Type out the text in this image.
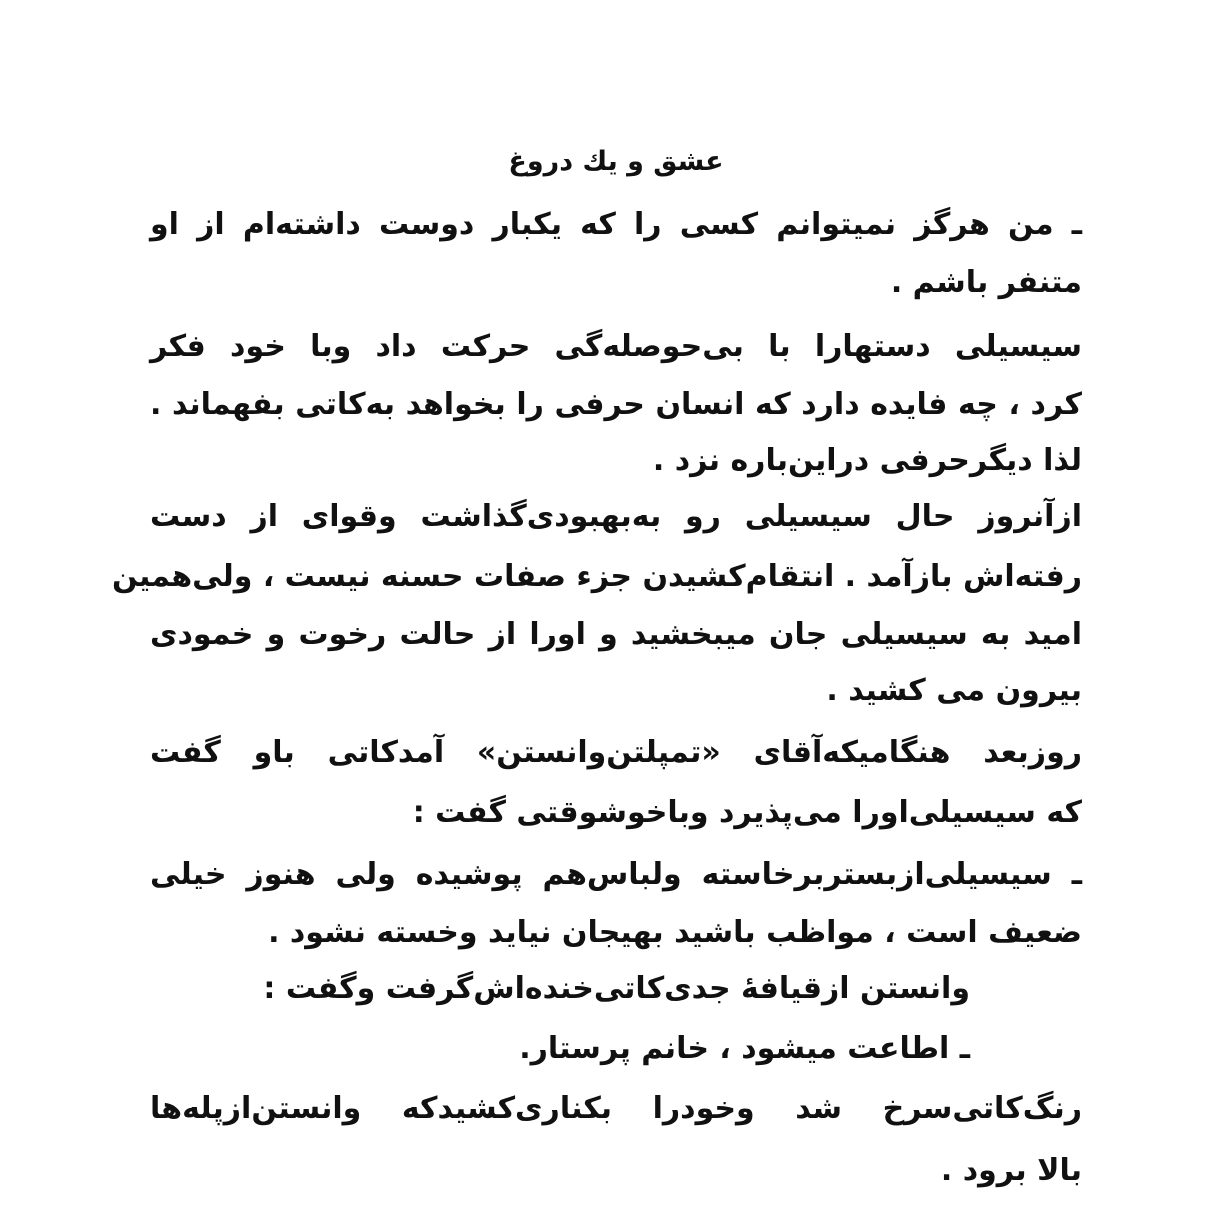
عشق و یك دروغ
ـ من هرگز نمیتوانم کسی را که یکبار دوست داشته‌ام از او
متنفر باشم .
سیسیلی دستهارا با بی‌حوصله‌گی حرکت داد وبا خود فکر
کرد ، چه فایده دارد که انسان حرفی را بخواهد به‌کاتی بفهماند .
لذا دیگرحرفی دراین‌باره نزد .
ازآنروز حال سیسیلی رو به‌بهبودی‌گذاشت وقوای از دست
رفته‌اش بازآمد . انتقام‌کشیدن جزء صفات حسنه نیست ، ولی‌همین
امید به سیسیلی جان میبخشید و اورا از حالت رخوت و خمودی
بیرون می کشید .
روزبعد هنگامیکه‌آقای «تمپلتن‌وانستن» آمدکاتی باو گفت
که سیسیلی‌اورا می‌پذیرد وباخوشوقتی گفت :
ـ سیسیلی‌ازبستربرخاسته ولباس‌هم پوشیده ولی هنوز خیلی
ضعیف است ، مواظب باشید بهیجان نیاید وخسته نشود .
وانستن ازقیافهٔ جدی‌کاتی‌خنده‌اش‌گرفت وگفت :
ـ اطاعت میشود ، خانم پرستار.
رنگ‌کاتی‌سرخ شد وخودرا بکناری‌کشیدکه وانستن‌ازپله‌ها
بالا برود .
